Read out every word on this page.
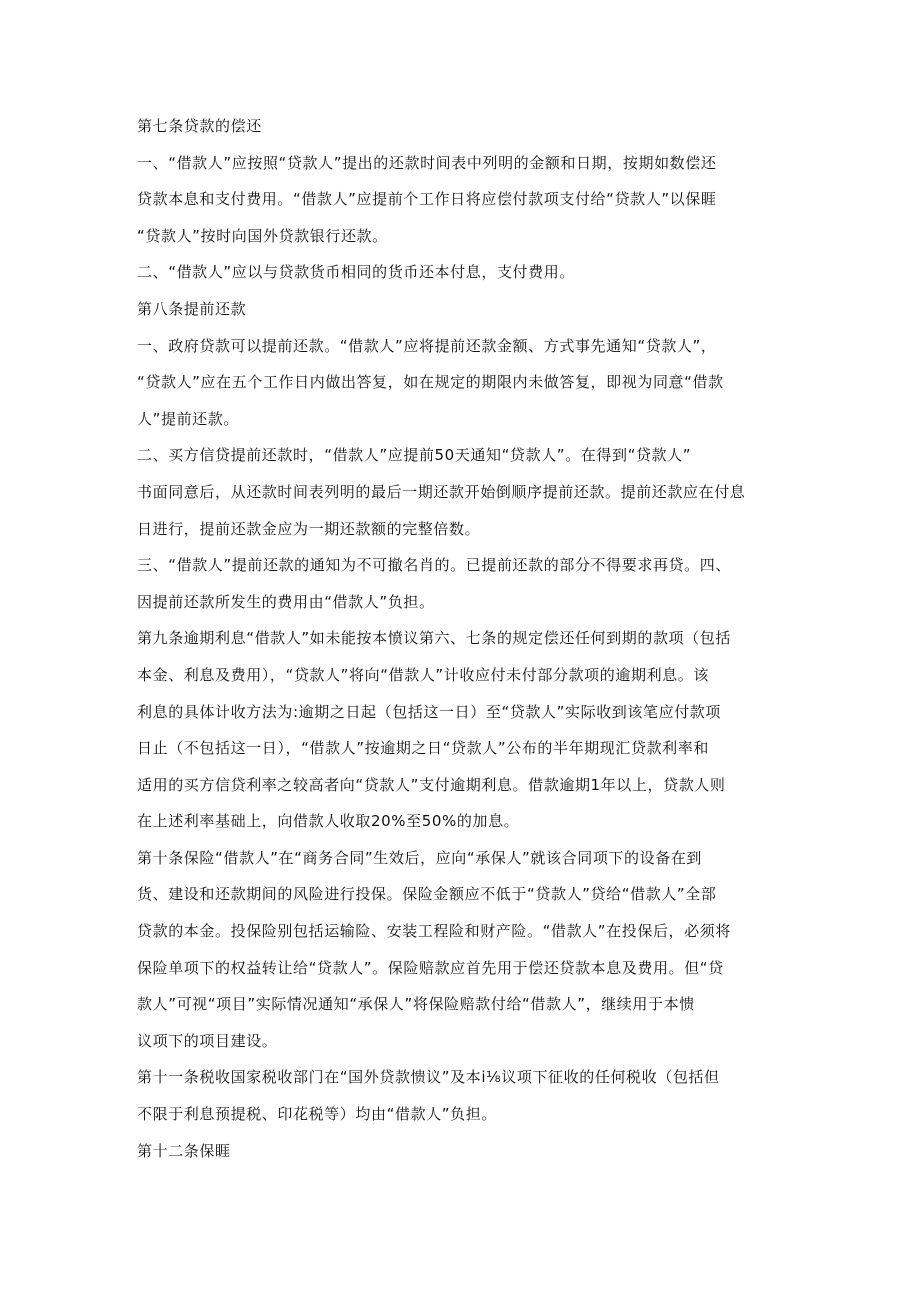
第七条贷款的偿还
一、“借款人”应按照“贷款人”提出的还款时间表中列明的金额和日期，按期如数偿还
贷款本息和支付费用。“借款人”应提前个工作日将应偿付款项支付给“贷款人”以保睚
“贷款人”按时向国外贷款银行还款。
二、“借款人”应以与贷款货币相同的货币还本付息，支付费用。
第八条提前还款
一、政府贷款可以提前还款。“借款人”应将提前还款金额、方式事先通知“贷款人”，
“贷款人”应在五个工作日内做出答复，如在规定的期限内未做答复，即视为同意“借款
人”提前还款。
二、买方信贷提前还款时，“借款人”应提前50天通知“贷款人”。在得到“贷款人”
书面同意后，从还款时间表列明的最后一期还款开始倒顺序提前还款。提前还款应在付息
日进行，提前还款金应为一期还款额的完整倍数。
三、“借款人”提前还款的通知为不可撤名肖的。已提前还款的部分不得要求再贷。四、
因提前还款所发生的费用由“借款人”负担。
第九条逾期利息“借款人”如未能按本愤议第六、七条的规定偿还任何到期的款项（包括
本金、利息及费用），“贷款人”将向“借款人”计收应付未付部分款项的逾期利息。该
利息的具体计收方法为:逾期之日起（包括这一日）至“贷款人”实际收到该笔应付款项
日止（不包括这一日），“借款人”按逾期之日“贷款人”公布的半年期现汇贷款利率和
适用的买方信贷利率之较高者向“贷款人”支付逾期利息。借款逾期1年以上，贷款人则
在上述利率基础上，向借款人收取20%至50%的加息。
第十条保险“借款人”在“商务合同”生效后，应向“承保人”就该合同项下的设备在到
货、建设和还款期间的风险进行投保。保险金额应不低于“贷款人”贷给“借款人”全部
贷款的本金。投保险别包括运输险、安装工程险和财产险。“借款人”在投保后，必须将
保险单项下的权益转让给“贷款人”。保险赔款应首先用于偿还贷款本息及费用。但“贷
款人”可视“项目”实际情况通知“承保人”将保险赔款付给“借款人”，继续用于本愦
议项下的项目建设。
第十一条税收国家税收部门在“国外贷款愦议”及本i⅛议项下征收的任何税收（包括但
不限于利息预提税、印花税等）均由“借款人”负担。
第十二条保睚
